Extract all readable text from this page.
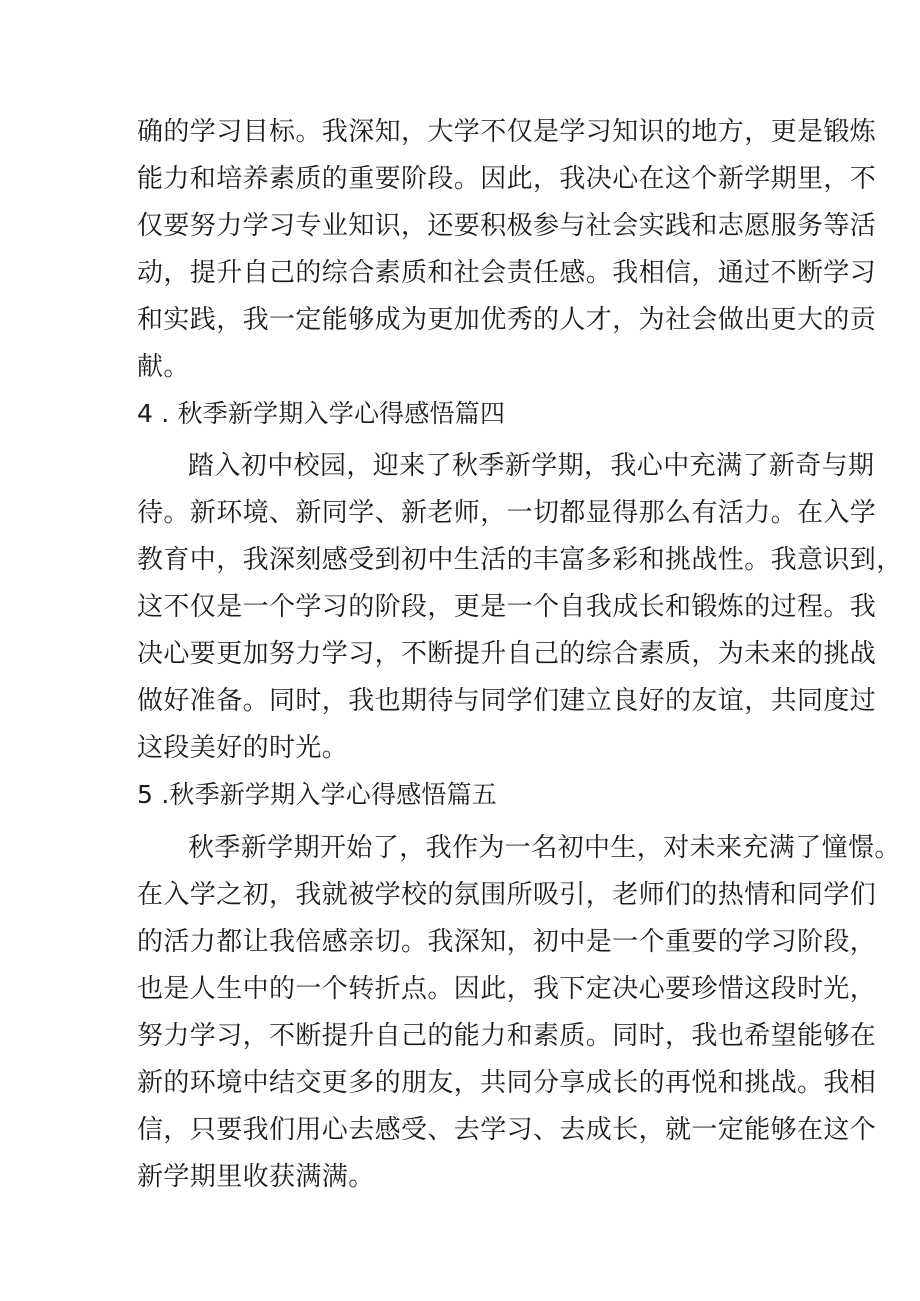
确的学习目标。我深知，大学不仅是学习知识的地方，更是锻炼
能力和培养素质的重要阶段。因此，我决心在这个新学期里，不
仅要努力学习专业知识，还要积极参与社会实践和志愿服务等活
动，提升自己的综合素质和社会责任感。我相信，通过不断学习
和实践，我一定能够成为更加优秀的人才，为社会做出更大的贡
献。
4 . 秋季新学期入学心得感悟篇四
踏入初中校园，迎来了秋季新学期，我心中充满了新奇与期
待。新环境、新同学、新老师，一切都显得那么有活力。在入学
教育中，我深刻感受到初中生活的丰富多彩和挑战性。我意识到，
这不仅是一个学习的阶段，更是一个自我成长和锻炼的过程。我
决心要更加努力学习，不断提升自己的综合素质，为未来的挑战
做好准备。同时，我也期待与同学们建立良好的友谊，共同度过
这段美好的时光。
5 .秋季新学期入学心得感悟篇五
秋季新学期开始了，我作为一名初中生，对未来充满了憧憬。
在入学之初，我就被学校的氛围所吸引，老师们的热情和同学们
的活力都让我倍感亲切。我深知，初中是一个重要的学习阶段，
也是人生中的一个转折点。因此，我下定决心要珍惜这段时光，
努力学习，不断提升自己的能力和素质。同时，我也希望能够在
新的环境中结交更多的朋友，共同分享成长的再悦和挑战。我相
信，只要我们用心去感受、去学习、去成长，就一定能够在这个
新学期里收获满满。
